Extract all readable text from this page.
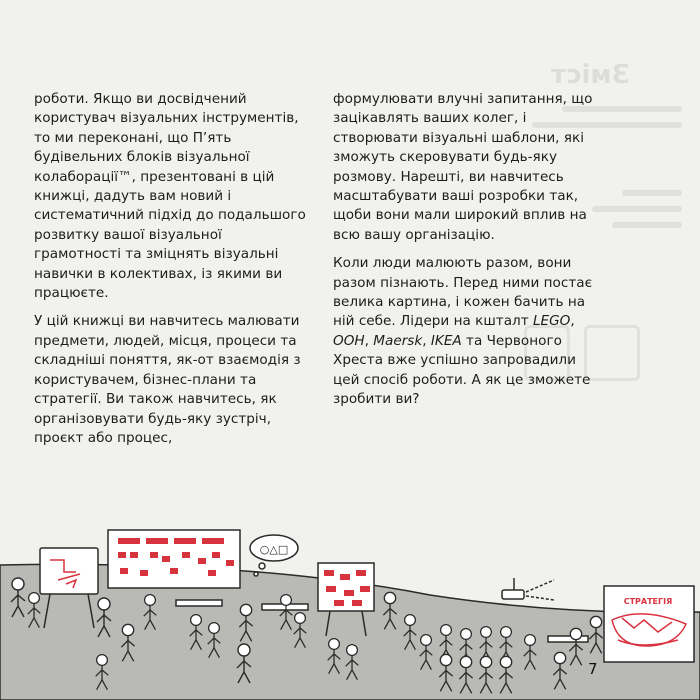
Зміст

роботи. Якщо ви досвідчений користувач візуальних інструментів, то ми переконані, що П’ять будівельних блоків візуальної колаборації™, презентовані в цій книжці, дадуть вам новий і систематичний підхід до подальшого розвитку вашої візуальної грамотності та зміцнять візуальні навички в колективах, із якими ви працюєте.

У цій книжці ви навчитесь малювати предмети, людей, місця, процеси та складніші поняття, як-от взаємодія з користувачем, бізнес-плани та стратегії. Ви також навчитесь, як організовувати будь-яку зустріч, проєкт або процес,

формулювати влучні запитання, що зацікавлять ваших колег, і створювати візуальні шаблони, які зможуть скеровувати будь-яку розмову. Нарешті, ви навчитесь масштабувати ваші розробки так, щоби вони мали широкий вплив на всю вашу організацію.

Коли люди малюють разом, вони разом пізнають. Перед ними постає велика картина, і кожен бачить на ній себе. Лідери на кшталт LEGO, OOH, Maersk, IKEA та Червоного Хреста вже успішно запровадили цей спосіб роботи. А як це зможете зробити ви?

○△□
СТРАТЕГІЯ
7
